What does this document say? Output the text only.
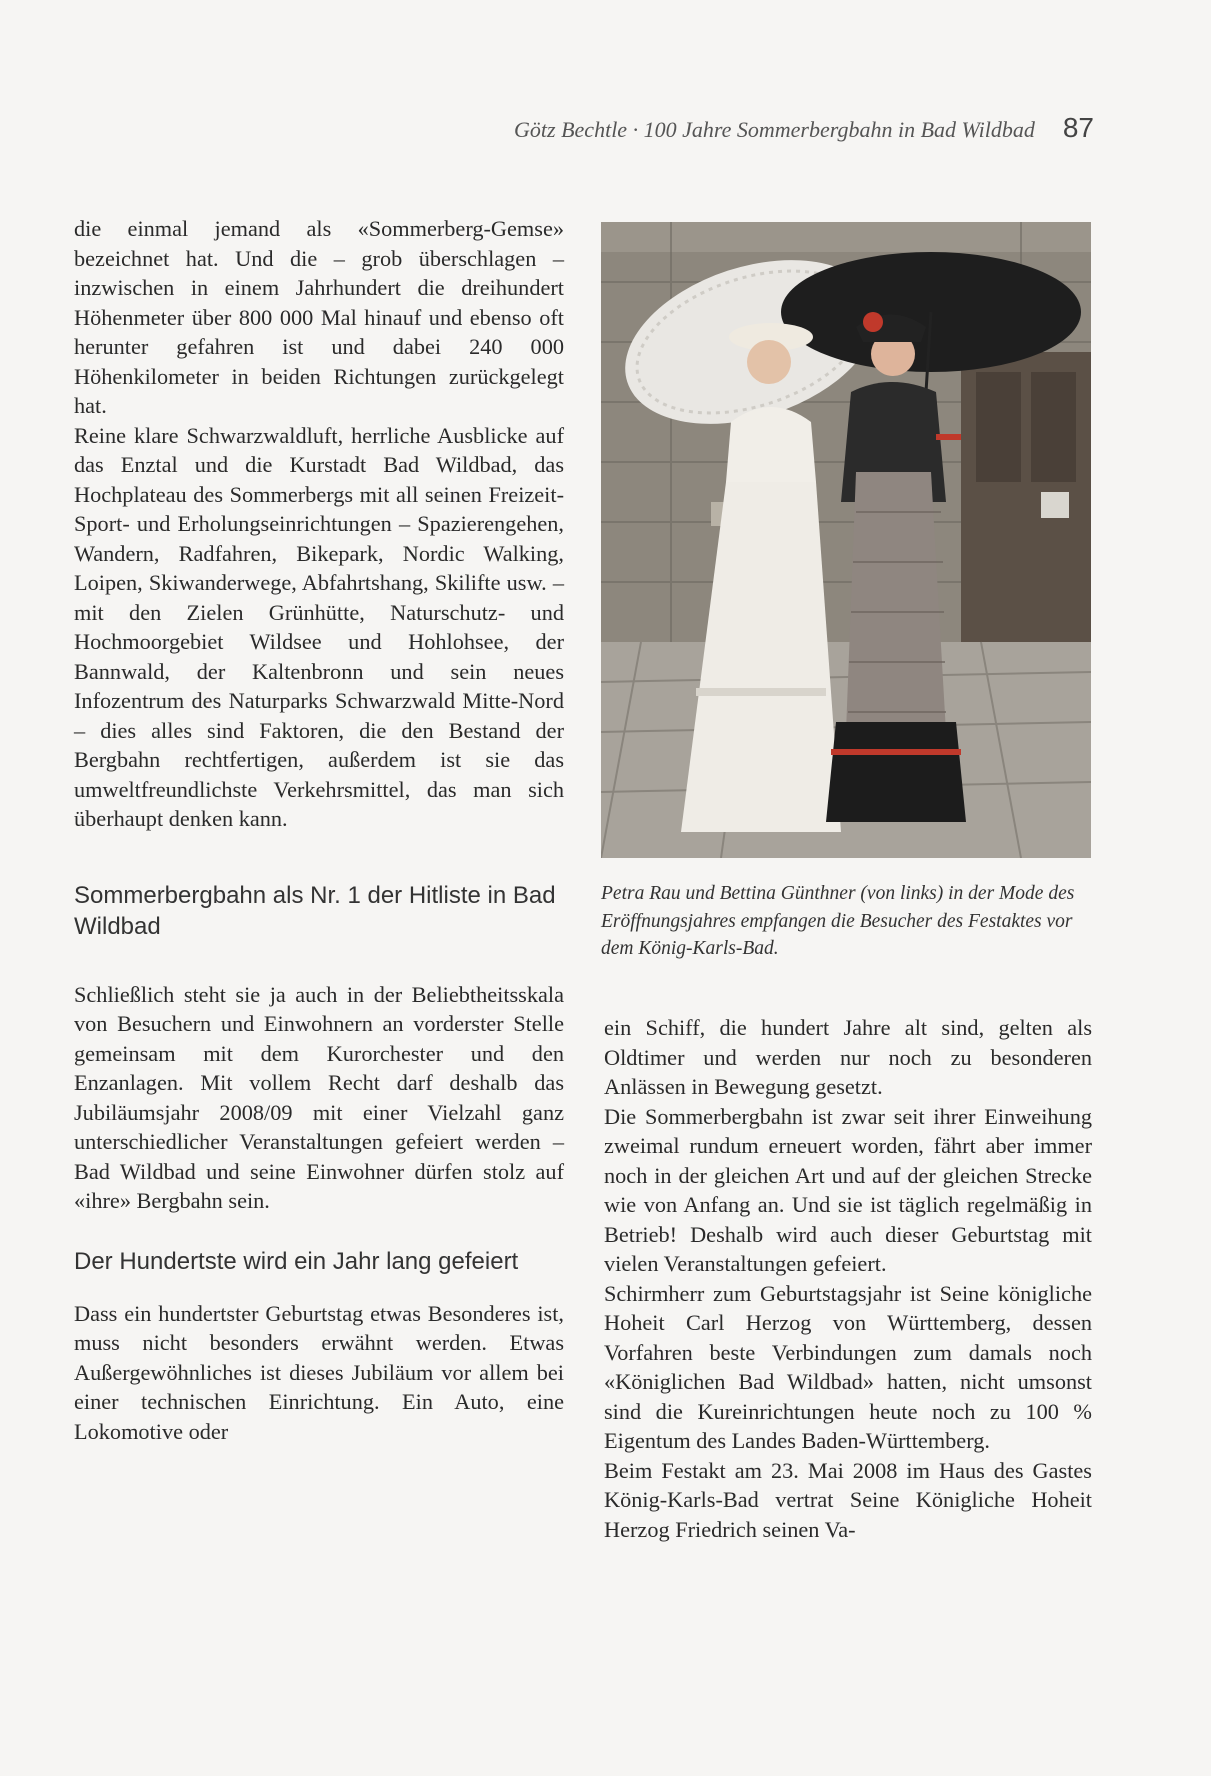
Götz Bechtle · 100 Jahre Sommerbergbahn in Bad Wildbad 87

die einmal jemand als «Sommerberg-Gemse» bezeichnet hat. Und die – grob überschlagen – inzwischen in einem Jahrhundert die dreihundert Höhenmeter über 800 000 Mal hinauf und ebenso oft herunter gefahren ist und dabei 240 000 Höhenkilometer in beiden Richtungen zurückgelegt hat.

Reine klare Schwarzwaldluft, herrliche Ausblicke auf das Enztal und die Kurstadt Bad Wildbad, das Hochplateau des Sommerbergs mit all seinen Freizeit-Sport- und Erholungseinrichtungen – Spazierengehen, Wandern, Radfahren, Bikepark, Nordic Walking, Loipen, Skiwanderwege, Abfahrtshang, Skilifte usw. – mit den Zielen Grünhütte, Naturschutz- und Hochmoorgebiet Wildsee und Hohlohsee, der Bannwald, der Kaltenbronn und sein neues Infozentrum des Naturparks Schwarzwald Mitte-Nord – dies alles sind Faktoren, die den Bestand der Bergbahn rechtfertigen, außerdem ist sie das umweltfreundlichste Verkehrsmittel, das man sich überhaupt denken kann.

Sommerbergbahn als Nr. 1 der Hitliste in Bad Wildbad

Schließlich steht sie ja auch in der Beliebtheitsskala von Besuchern und Einwohnern an vorderster Stelle gemeinsam mit dem Kurorchester und den Enzanlagen. Mit vollem Recht darf deshalb das Jubiläumsjahr 2008/09 mit einer Vielzahl ganz unterschiedlicher Veranstaltungen gefeiert werden – Bad Wildbad und seine Einwohner dürfen stolz auf «ihre» Bergbahn sein.

Der Hundertste wird ein Jahr lang gefeiert

Dass ein hundertster Geburtstag etwas Besonderes ist, muss nicht besonders erwähnt werden. Etwas Außergewöhnliches ist dieses Jubiläum vor allem bei einer technischen Einrichtung. Ein Auto, eine Lokomotive oder

Petra Rau und Bettina Günthner (von links) in der Mode des Eröffnungsjahres empfangen die Besucher des Festaktes vor dem König-Karls-Bad.

ein Schiff, die hundert Jahre alt sind, gelten als Oldtimer und werden nur noch zu besonderen Anlässen in Bewegung gesetzt.

Die Sommerbergbahn ist zwar seit ihrer Einweihung zweimal rundum erneuert worden, fährt aber immer noch in der gleichen Art und auf der gleichen Strecke wie von Anfang an. Und sie ist täglich regelmäßig in Betrieb! Deshalb wird auch dieser Geburtstag mit vielen Veranstaltungen gefeiert.

Schirmherr zum Geburtstagsjahr ist Seine königliche Hoheit Carl Herzog von Württemberg, dessen Vorfahren beste Verbindungen zum damals noch «Königlichen Bad Wildbad» hatten, nicht umsonst sind die Kureinrichtungen heute noch zu 100 % Eigentum des Landes Baden-Württemberg.

Beim Festakt am 23. Mai 2008 im Haus des Gastes König-Karls-Bad vertrat Seine Königliche Hoheit Herzog Friedrich seinen Va-
